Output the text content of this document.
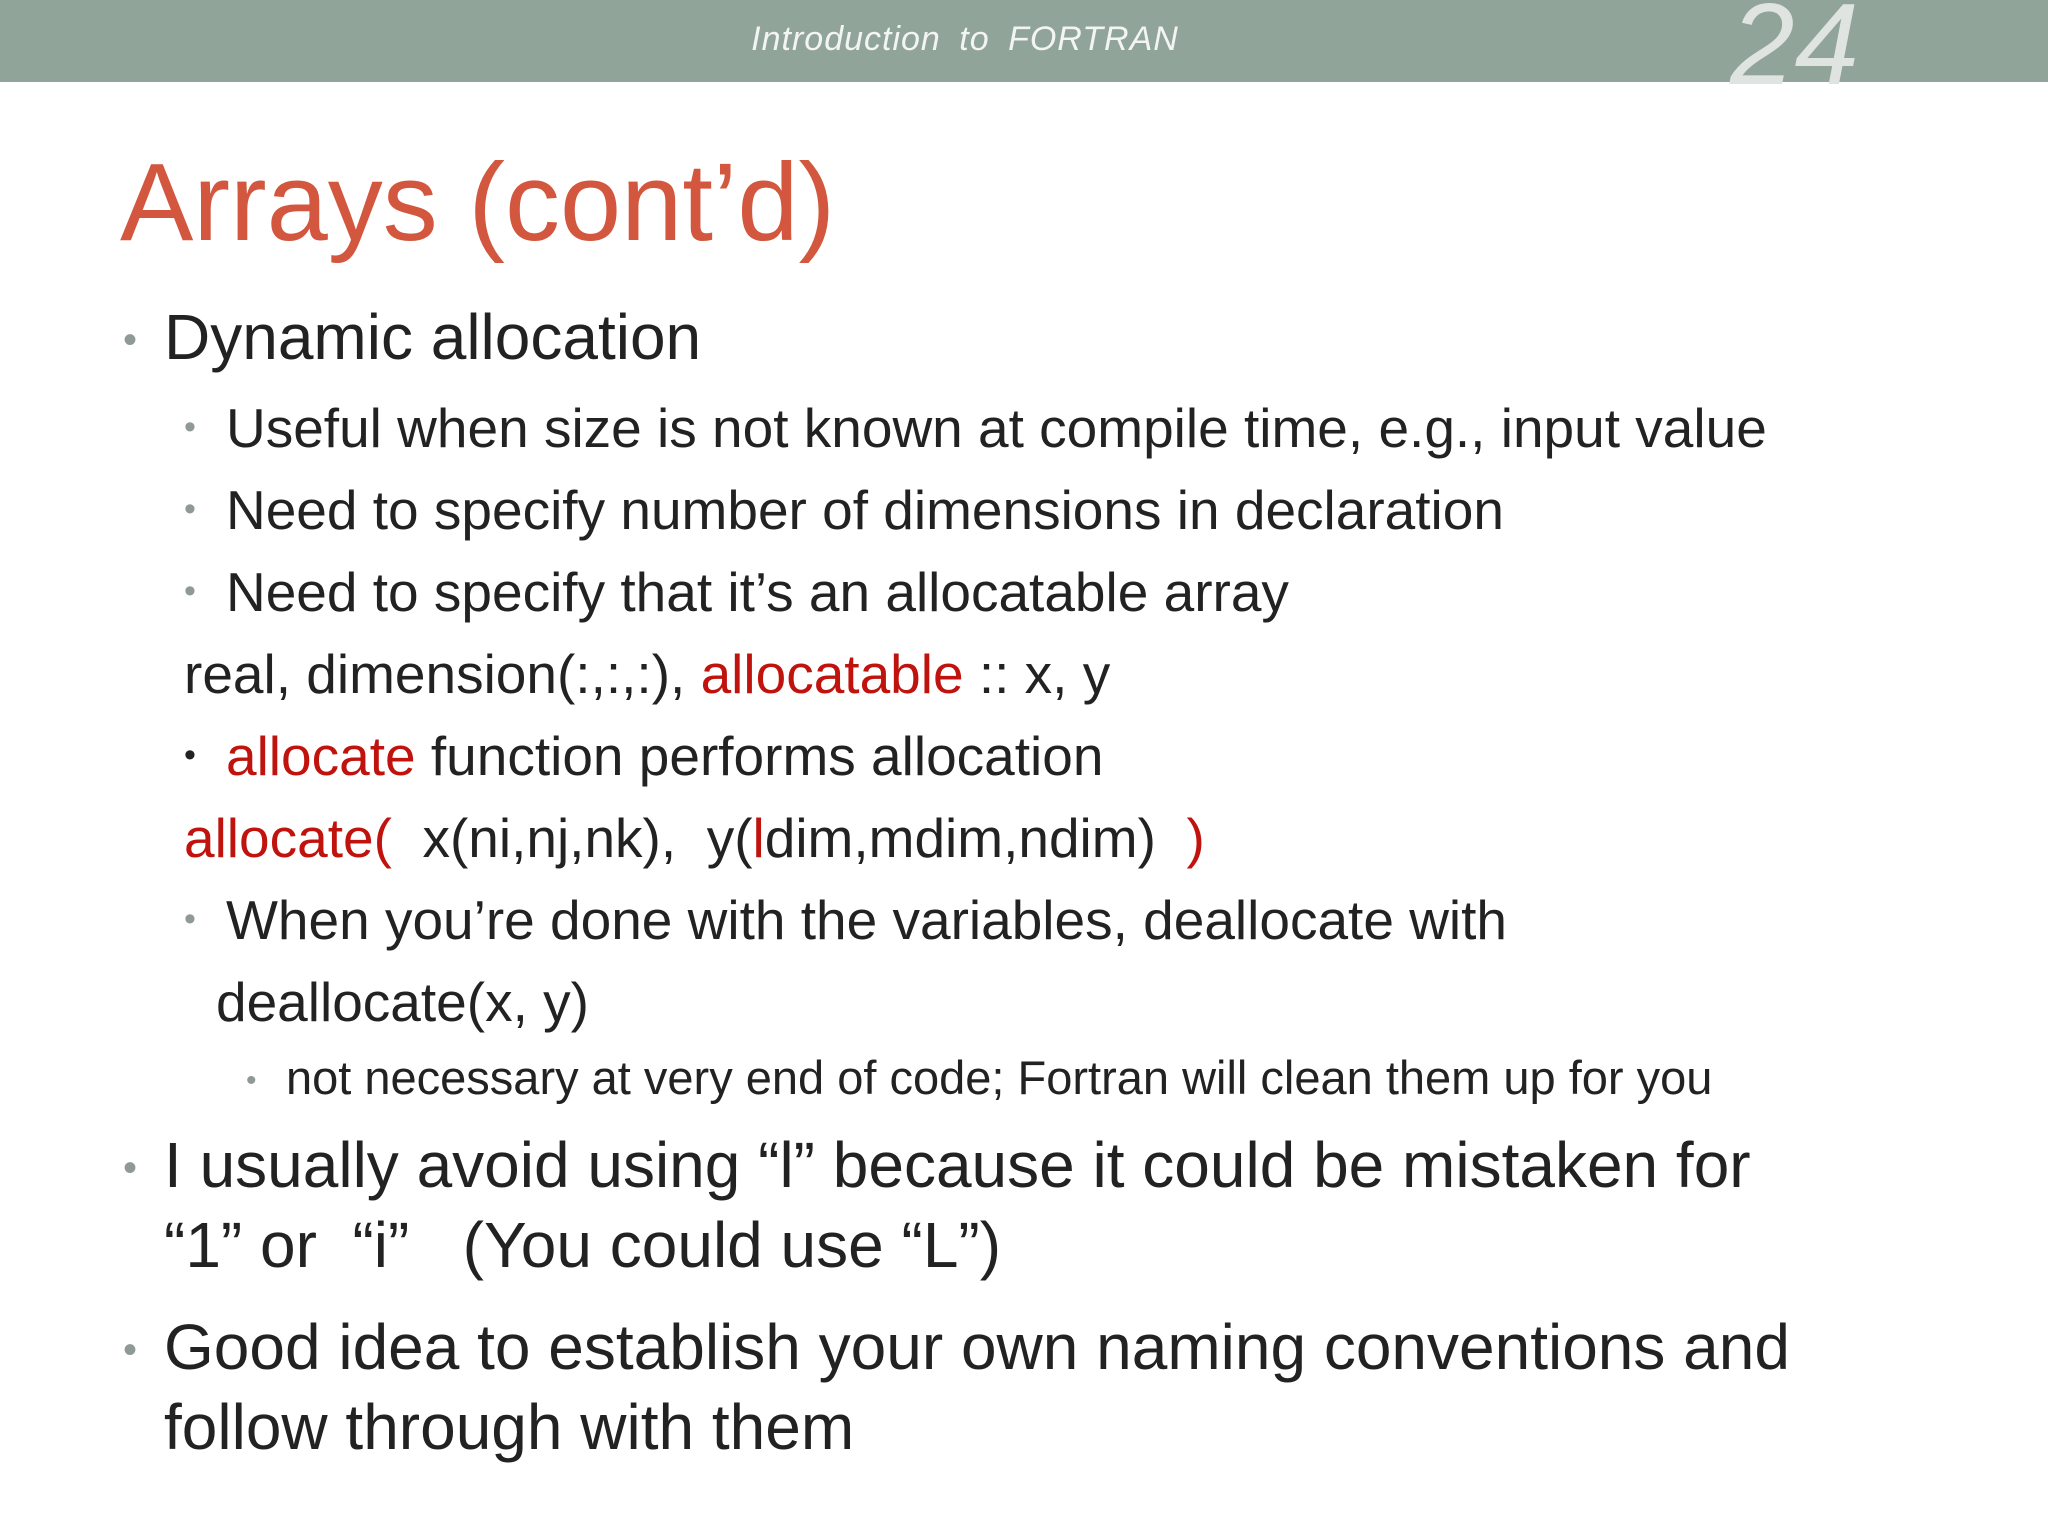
Introduction to FORTRAN	24
Arrays (cont’d)
• Dynamic allocation
• Useful when size is not known at compile time, e.g., input value
• Need to specify number of dimensions in declaration
• Need to specify that it’s an allocatable array
real, dimension(:,:,:), allocatable :: x, y
• allocate function performs allocation
allocate(  x(ni,nj,nk),  y(ldim,mdim,ndim)  )
• When you’re done with the variables, deallocate with
deallocate(x, y)
• not necessary at very end of code; Fortran will clean them up for you
• I usually avoid using “l” because it could be mistaken for
“1” or  “i”   (You could use “L”)
• Good idea to establish your own naming conventions and
follow through with them
